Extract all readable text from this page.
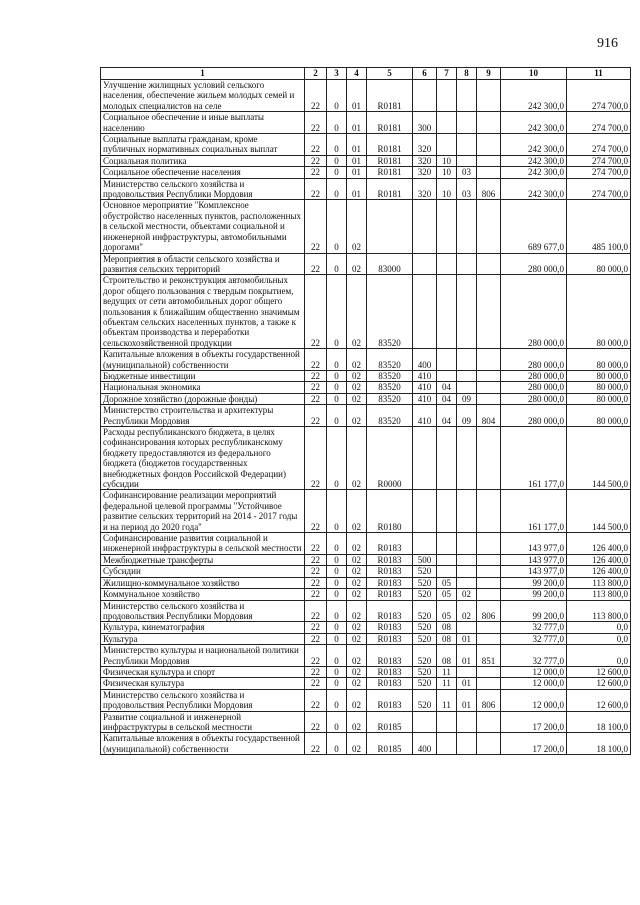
916
1	2	3	4	5	6	7	8	9	10	11
Улучшение жилищных условий сельского населения, обеспечение жильем молодых семей и молодых специалистов на селе	22	0	01	R0181					242 300,0	274 700,0
Социальное обеспечение и иные выплаты населению	22	0	01	R0181	300				242 300,0	274 700,0
Социальные выплаты гражданам, кроме публичных нормативных социальных выплат	22	0	01	R0181	320				242 300,0	274 700,0
Социальная политика	22	0	01	R0181	320	10			242 300,0	274 700,0
Социальное обеспечение населения	22	0	01	R0181	320	10	03		242 300,0	274 700,0
Министерство сельского хозяйства и продовольствия Республики Мордовия	22	0	01	R0181	320	10	03	806	242 300,0	274 700,0
Основное мероприятие "Комплексное обустройство населенных пунктов, расположенных в сельской местности, объектами социальной и инженерной инфраструктуры, автомобильными дорогами"	22	0	02						689 677,0	485 100,0
Мероприятия в области сельского хозяйства и развития сельских территорий	22	0	02	83000					280 000,0	80 000,0
Строительство и реконструкция автомобильных дорог общего пользования с твердым покрытием, ведущих от сети автомобильных дорог общего пользования к ближайшим общественно значимым объектам сельских населенных пунктов, а также к объектам производства и переработки сельскохозяйственной продукции	22	0	02	83520					280 000,0	80 000,0
Капитальные вложения в объекты государственной (муниципальной) собственности	22	0	02	83520	400				280 000,0	80 000,0
Бюджетные инвестиции	22	0	02	83520	410				280 000,0	80 000,0
Национальная экономика	22	0	02	83520	410	04			280 000,0	80 000,0
Дорожное хозяйство (дорожные фонды)	22	0	02	83520	410	04	09		280 000,0	80 000,0
Министерство строительства и архитектуры Республики Мордовия	22	0	02	83520	410	04	09	804	280 000,0	80 000,0
Расходы республиканского бюджета, в целях софинансирования которых республиканскому бюджету предоставляются из федерального бюджета (бюджетов государственных внебюджетных фондов Российской Федерации) субсидии	22	0	02	R0000					161 177,0	144 500,0
Софинансирование реализации мероприятий федеральной целевой программы "Устойчивое развитие сельских территорий на 2014 - 2017 годы и на период до 2020 года"	22	0	02	R0180					161 177,0	144 500,0
Софинансирование развития социальной и инженерной инфраструктуры в сельской местности	22	0	02	R0183					143 977,0	126 400,0
Межбюджетные трансферты	22	0	02	R0183	500				143 977,0	126 400,0
Субсидии	22	0	02	R0183	520				143 977,0	126 400,0
Жилищно-коммунальное хозяйство	22	0	02	R0183	520	05			99 200,0	113 800,0
Коммунальное хозяйство	22	0	02	R0183	520	05	02		99 200,0	113 800,0
Министерство сельского хозяйства и продовольствия Республики Мордовия	22	0	02	R0183	520	05	02	806	99 200,0	113 800,0
Культура, кинематография	22	0	02	R0183	520	08			32 777,0	0,0
Культура	22	0	02	R0183	520	08	01		32 777,0	0,0
Министерство культуры и национальной политики Республики Мордовия	22	0	02	R0183	520	08	01	851	32 777,0	0,0
Физическая культура и спорт	22	0	02	R0183	520	11			12 000,0	12 600,0
Физическая культура	22	0	02	R0183	520	11	01		12 000,0	12 600,0
Министерство сельского хозяйства и продовольствия Республики Мордовия	22	0	02	R0183	520	11	01	806	12 000,0	12 600,0
Развитие социальной и инженерной инфраструктуры в сельской местности	22	0	02	R0185					17 200,0	18 100,0
Капитальные вложения в объекты государственной (муниципальной) собственности	22	0	02	R0185	400				17 200,0	18 100,0
